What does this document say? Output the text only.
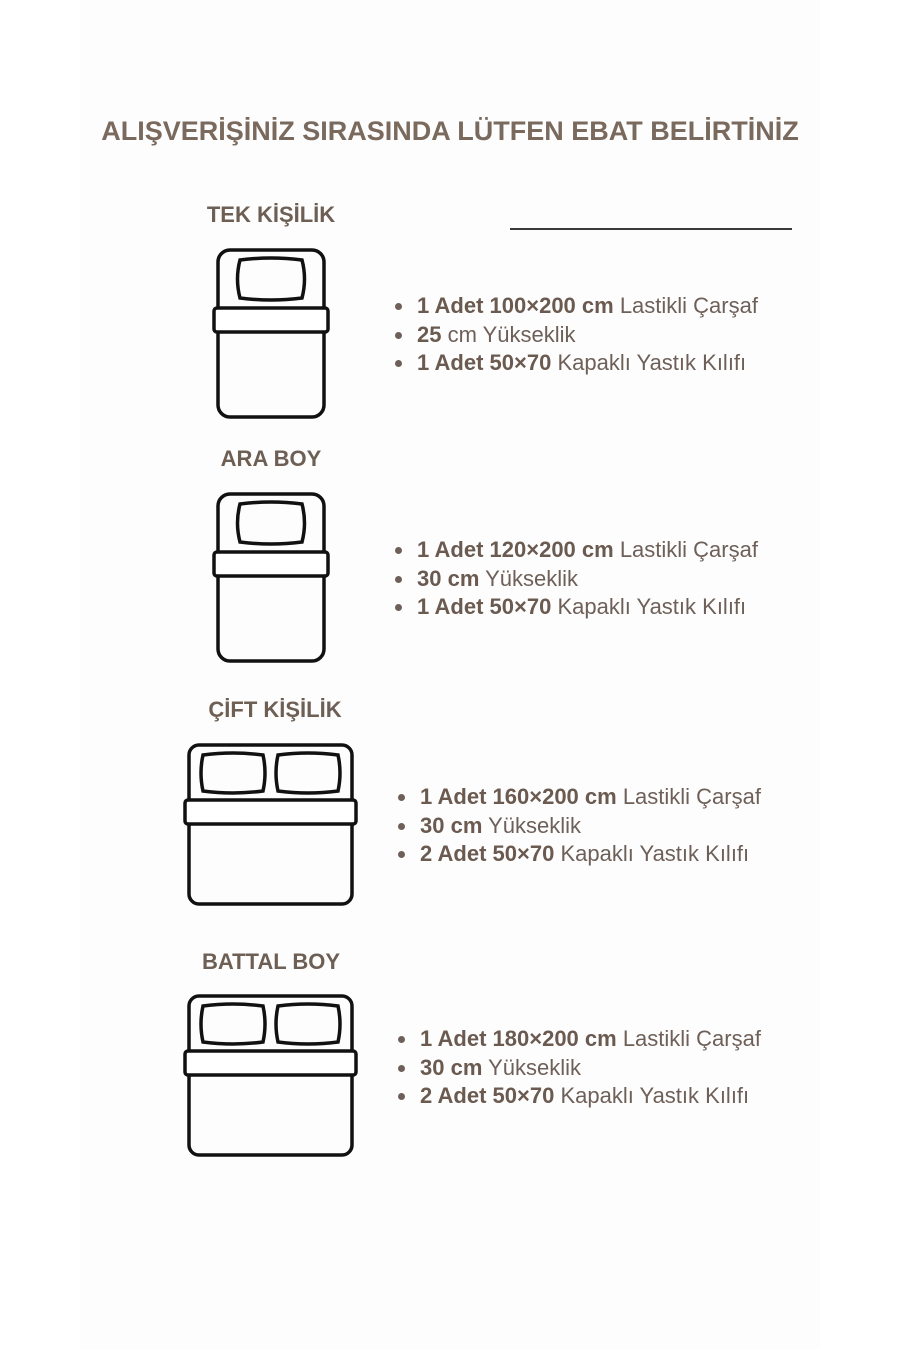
ALIŞVERİŞİNİZ SIRASINDA LÜTFEN EBAT BELİRTİNİZ
TEK KİŞİLİK
1 Adet 100×200 cm Lastikli Çarşaf
25 cm Yükseklik
1 Adet 50×70 Kapaklı Yastık Kılıfı
ARA BOY
1 Adet 120×200 cm Lastikli Çarşaf
30 cm Yükseklik
1 Adet 50×70 Kapaklı Yastık Kılıfı
ÇİFT KİŞİLİK
1 Adet 160×200 cm Lastikli Çarşaf
30 cm Yükseklik
2 Adet 50×70 Kapaklı Yastık Kılıfı
BATTAL BOY
1 Adet 180×200 cm Lastikli Çarşaf
30 cm Yükseklik
2 Adet 50×70 Kapaklı Yastık Kılıfı
